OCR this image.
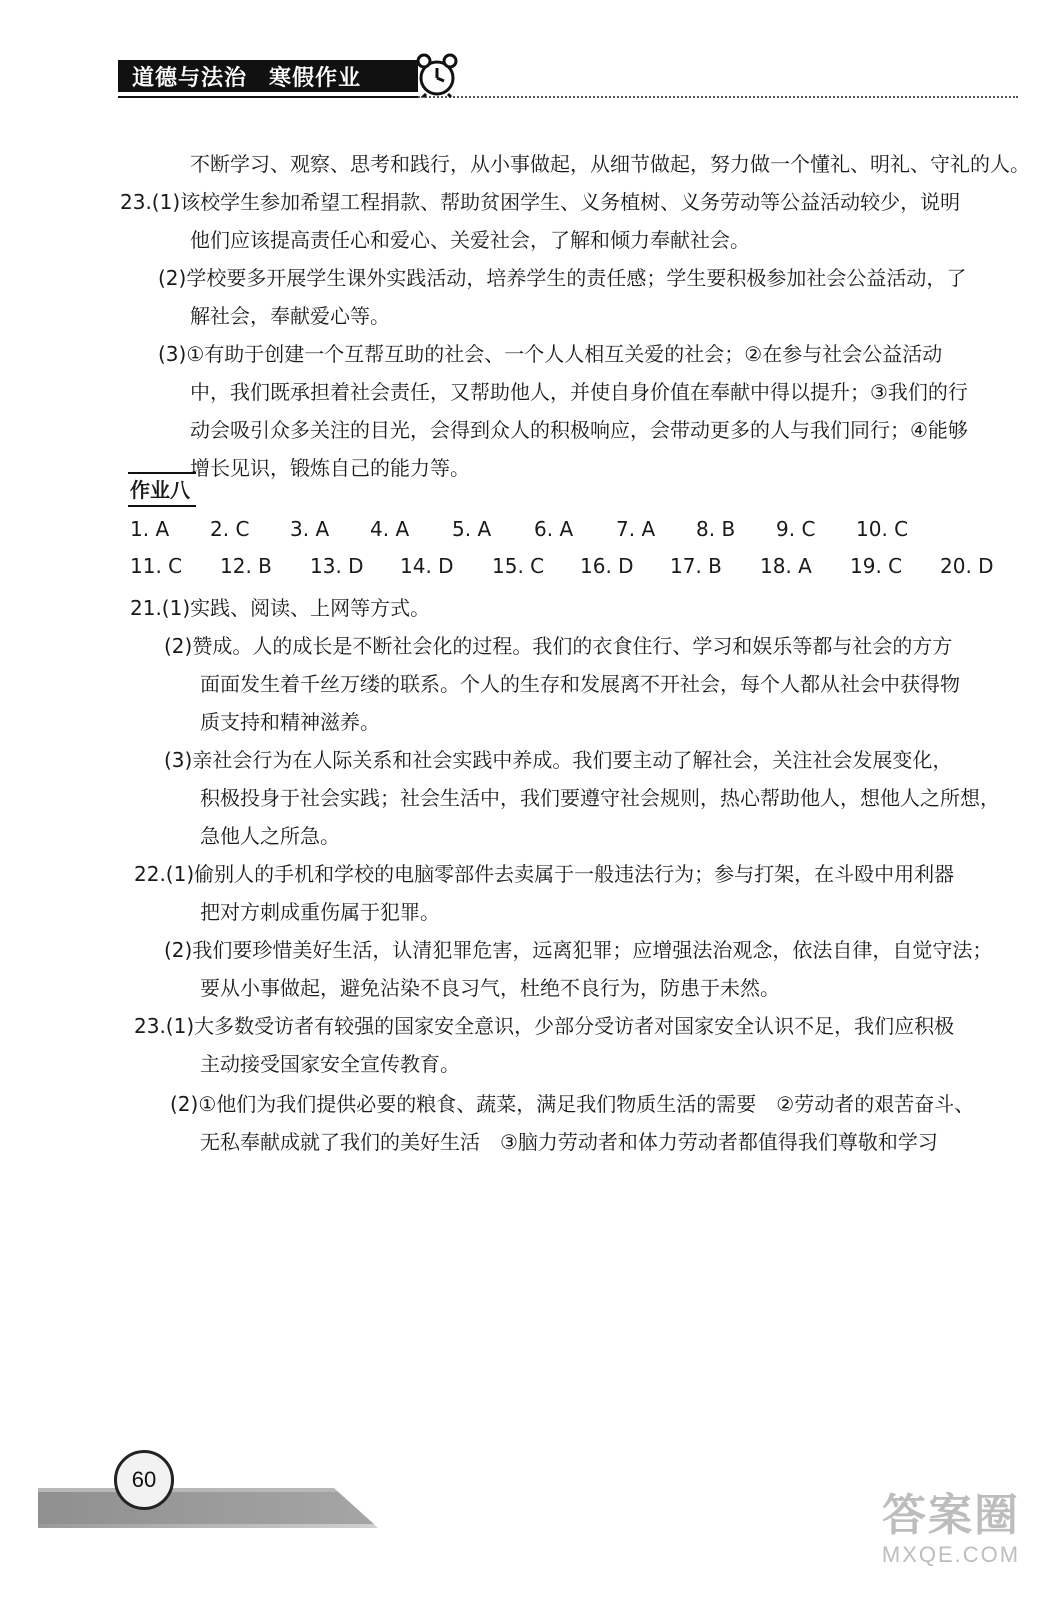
道德与法治 寒假作业
不断学习、观察、思考和践行，从小事做起，从细节做起，努力做一个懂礼、明礼、守礼的人。
23.(1)该校学生参加希望工程捐款、帮助贫困学生、义务植树、义务劳动等公益活动较少，说明
他们应该提高责任心和爱心、关爱社会，了解和倾力奉献社会。
(2)学校要多开展学生课外实践活动，培养学生的责任感；学生要积极参加社会公益活动，了
解社会，奉献爱心等。
(3)①有助于创建一个互帮互助的社会、一个人人相互关爱的社会；②在参与社会公益活动
中，我们既承担着社会责任，又帮助他人，并使自身价值在奉献中得以提升；③我们的行
动会吸引众多关注的目光，会得到众人的积极响应，会带动更多的人与我们同行；④能够
增长见识，锻炼自己的能力等。
作业八
1. A 2. C 3. A 4. A 5. A 6. A 7. A 8. B 9. C 10. C
11. C 12. B 13. D 14. D 15. C 16. D 17. B 18. A 19. C 20. D
21.(1)实践、阅读、上网等方式。
(2)赞成。人的成长是不断社会化的过程。我们的衣食住行、学习和娱乐等都与社会的方方
面面发生着千丝万缕的联系。个人的生存和发展离不开社会，每个人都从社会中获得物
质支持和精神滋养。
(3)亲社会行为在人际关系和社会实践中养成。我们要主动了解社会，关注社会发展变化，
积极投身于社会实践；社会生活中，我们要遵守社会规则，热心帮助他人，想他人之所想，
急他人之所急。
22.(1)偷别人的手机和学校的电脑零部件去卖属于一般违法行为；参与打架，在斗殴中用利器
把对方刺成重伤属于犯罪。
(2)我们要珍惜美好生活，认清犯罪危害，远离犯罪；应增强法治观念，依法自律，自觉守法；
要从小事做起，避免沾染不良习气，杜绝不良行为，防患于未然。
23.(1)大多数受访者有较强的国家安全意识，少部分受访者对国家安全认识不足，我们应积极
主动接受国家安全宣传教育。
(2)①他们为我们提供必要的粮食、蔬菜，满足我们物质生活的需要　②劳动者的艰苦奋斗、
无私奉献成就了我们的美好生活　③脑力劳动者和体力劳动者都值得我们尊敬和学习
60
答案圈
MXQE.COM
